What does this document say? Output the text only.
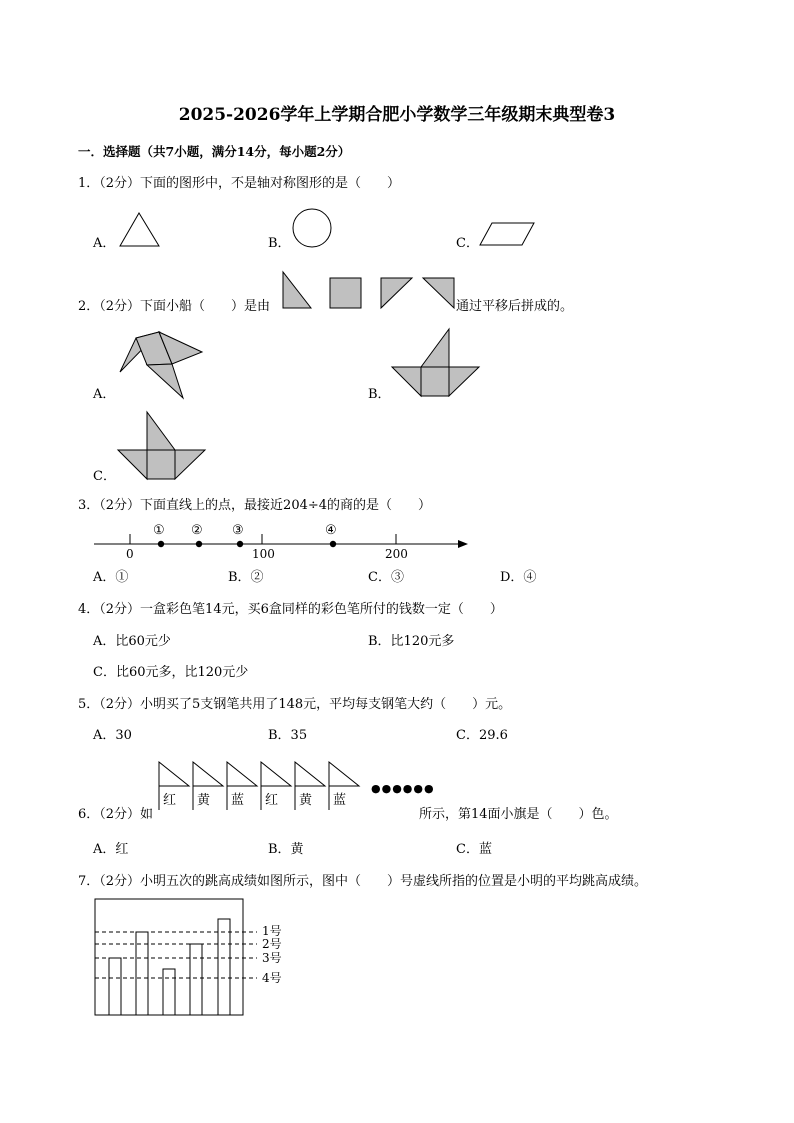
2025-2026学年上学期合肥小学数学三年级期末典型卷3
一．选择题（共7小题，满分14分，每小题2分）
1．（2分）下面的图形中，不是轴对称图形的是（　　）
A．	B．	C．
2．（2分）下面小船（　　）是由	通过平移后拼成的。
A．	B．
C．
3．（2分）下面直线上的点，最接近204÷4的商的是（　　）
① ② ③	④
0	100	200
A．①	B．②	C．③	D．④
4．（2分）一盒彩色笔14元，买6盒同样的彩色笔所付的钱数一定（　　）
A．比60元少	B．比120元多
C．比60元多，比120元少
5．（2分）小明买了5支钢笔共用了148元，平均每支钢笔大约（　　）元。
A．30	B．35	C．29.6
红 黄 蓝 红 黄 蓝
●●●●●●
6．（2分）如	所示，第14面小旗是（　　）色。
A．红	B．黄	C．蓝
7．（2分）小明五次的跳高成绩如图所示，图中（　　）号虚线所指的位置是小明的平均跳高成绩。
1号
2号
3号
4号
